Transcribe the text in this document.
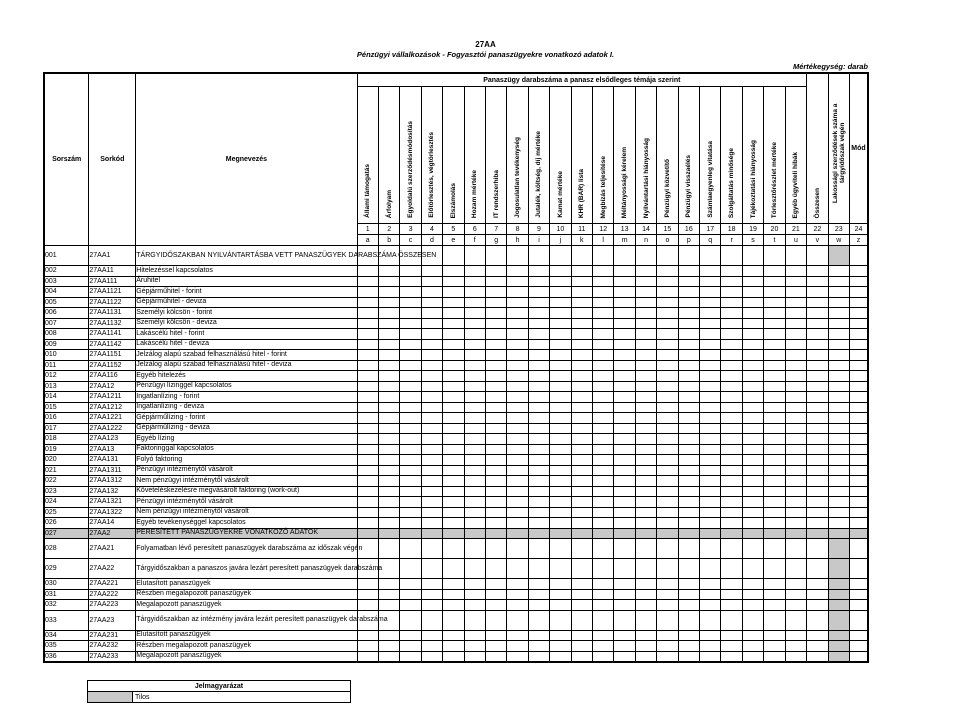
27AA
Pénzügyi vállalkozások - Fogyasztói panaszügyekre vonatkozó adatok I.
Mértékegység: darab
Sorszám	Sorkód	Megnevezés	Panaszügy darabszáma a panasz elsődleges témája szerint																					Összesen	Lakossági szerződések száma a tárgyidőszak végén	Mód
			Állami támogatás	Árfolyam	Egyoldalú szerződésmódosítás	Előtörlesztés, végtörlesztés	Elszámolás	Hozam mértéke	IT rendszerhiba	Jogosulatlan tevékenység	Jutalék, költség, díj mértéke	Kamat mértéke	KHR (BAR) lista	Megbízás teljesítése	Méltányossági kérelem	Nyilvántartási hiányosság	Pénzügyi közvetítő	Pénzügyi visszaélés	Számlaegyenleg vitatása	Szolgáltatás minősége	Tájékoztatási hiányosság	Törlesztőrészlet mértéke	Egyéb ügyviteli hibák			
			1	2	3	4	5	6	7	8	9	10	11	12	13	14	15	16	17	18	19	20	21	22	23	24
			a	b	c	d	e	f	g	h	i	j	k	l	m	n	o	p	q	r	s	t	u	v	w	z
001	27AA1	TÁRGYIDŐSZAKBAN NYILVÁNTARTÁSBA VETT PANASZÜGYEK DARABSZÁMA ÖSSZESEN																								
002	27AA11	Hitelezéssel kapcsolatos																								
003	27AA111	Áruhitel																								
004	27AA1121	Gépjárműhitel - forint																								
005	27AA1122	Gépjárműhitel - deviza																								
006	27AA1131	Személyi kölcsön - forint																								
007	27AA1132	Személyi kölcsön - deviza																								
008	27AA1141	Lakáscélú hitel - forint																								
009	27AA1142	Lakáscélú hitel - deviza																								
010	27AA1151	Jelzálog alapú szabad felhasználású hitel - forint																								
011	27AA1152	Jelzálog alapú szabad felhasználású hitel - deviza																								
012	27AA116	Egyéb hitelezés																								
013	27AA12	Pénzügyi lízinggel kapcsolatos																								
014	27AA1211	Ingatlanlízing - forint																								
015	27AA1212	Ingatlanlízing - deviza																								
016	27AA1221	Gépjárműlízing - forint																								
017	27AA1222	Gépjárműlízing - deviza																								
018	27AA123	Egyéb lízing																								
019	27AA13	Faktoringgal kapcsolatos																								
020	27AA131	Folyó faktoring																								
021	27AA1311	Pénzügyi intézménytől vásárolt																								
022	27AA1312	Nem pénzügyi intézménytől vásárolt																								
023	27AA132	Követeléskezelésre megvásárolt faktoring (work-out)																								
024	27AA1321	Pénzügyi intézménytől vásárolt																								
025	27AA1322	Nem pénzügyi intézménytől vásárolt																								
026	27AA14	Egyéb tevékenységgel kapcsolatos																								
027	27AA2	PERESÍTETT PANASZÜGYEKRE VONATKOZÓ ADATOK																								
028	27AA21	Folyamatban lévő peresített panaszügyek darabszáma az időszak végén																								
029	27AA22	Tárgyidőszakban a panaszos javára lezárt peresített panaszügyek darabszáma																								
030	27AA221	Elutasított panaszügyek																								
031	27AA222	Részben megalapozott panaszügyek																								
032	27AA223	Megalapozott panaszügyek																								
033	27AA23	Tárgyidőszakban az intézmény javára lezárt peresített panaszügyek darabszáma																								
034	27AA231	Elutasított panaszügyek																								
035	27AA232	Részben megalapozott panaszügyek																								
036	27AA233	Megalapozott panaszügyek																								
Jelmagyarázat
	Tilos
